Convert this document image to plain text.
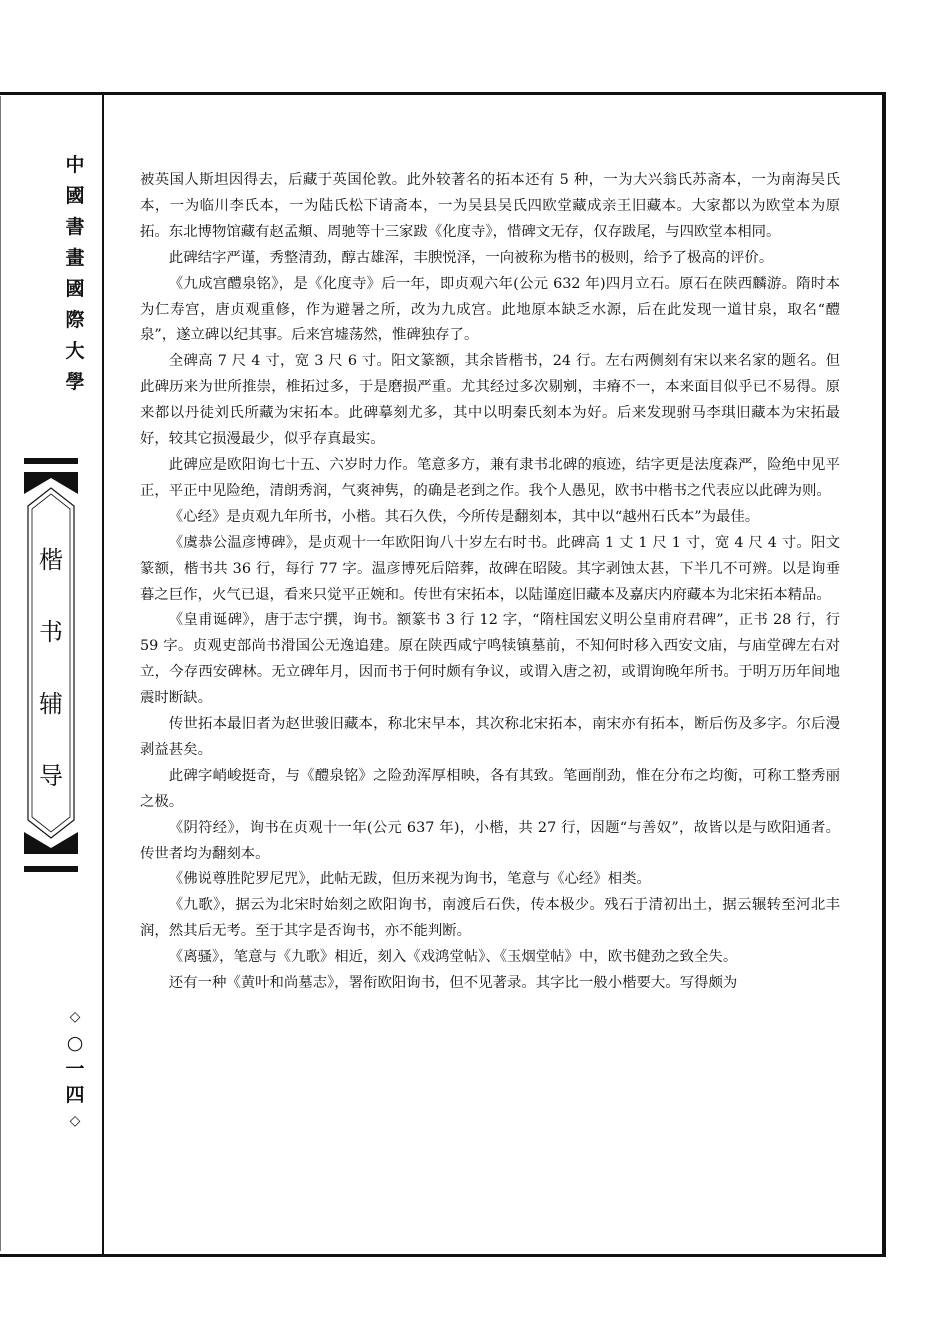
中
國
書
畫
國
際
大
學
楷
书
辅
导
◇
○
一
四
◇

被英国人斯坦因得去，后藏于英国伦敦。此外较著名的拓本还有 5 种，一为大兴翁氏苏斋本，一为南海吴氏本，一为临川李氏本，一为陆氏松下请斋本，一为吴县吴氏四欧堂藏成亲王旧藏本。大家都以为欧堂本为原拓。东北博物馆藏有赵孟頫、周驰等十三家跋《化度寺》，惜碑文无存，仅存跋尾，与四欧堂本相同。

此碑结字严谨，秀整清劲，醇古雄浑，丰腴悦泽，一向被称为楷书的极则，给予了极高的评价。

《九成宫醴泉铭》，是《化度寺》后一年，即贞观六年(公元 632 年)四月立石。原石在陕西麟游。隋时本为仁寿宫，唐贞观重修，作为避暑之所，改为九成宫。此地原本缺乏水源，后在此发现一道甘泉，取名“醴泉”，遂立碑以纪其事。后来宫墟荡然，惟碑独存了。

全碑高 7 尺 4 寸，宽 3 尺 6 寸。阳文篆额，其余皆楷书，24 行。左右两侧刻有宋以来名家的题名。但此碑历来为世所推崇，椎拓过多，于是磨损严重。尤其经过多次剔剜，丰瘠不一，本来面目似乎已不易得。原来都以丹徒刘氏所藏为宋拓本。此碑摹刻尤多，其中以明秦氏刻本为好。后来发现驸马李琪旧藏本为宋拓最好，较其它损漫最少，似乎存真最实。

此碑应是欧阳询七十五、六岁时力作。笔意多方，兼有隶书北碑的痕迹，结字更是法度森严，险绝中见平正，平正中见险绝，清朗秀润，气爽神隽，的确是老到之作。我个人愚见，欧书中楷书之代表应以此碑为则。

《心经》是贞观九年所书，小楷。其石久佚，今所传是翻刻本，其中以“越州石氏本”为最佳。

《虞恭公温彦博碑》，是贞观十一年欧阳询八十岁左右时书。此碑高 1 丈 1 尺 1 寸，宽 4 尺 4 寸。阳文篆额，楷书共 36 行，每行 77 字。温彦博死后陪葬，故碑在昭陵。其字剥蚀太甚，下半几不可辨。以是询垂暮之巨作，火气已退，看来只觉平正婉和。传世有宋拓本，以陆谨庭旧藏本及嘉庆内府藏本为北宋拓本精品。

《皇甫诞碑》，唐于志宁撰，询书。额篆书 3 行 12 字，“隋柱国宏义明公皇甫府君碑”，正书 28 行，行 59 字。贞观吏部尚书滑国公无逸追建。原在陕西咸宁鸣犊镇墓前，不知何时移入西安文庙，与庙堂碑左右对立，今存西安碑林。无立碑年月，因而书于何时颇有争议，或谓入唐之初，或谓询晚年所书。于明万历年间地震时断缺。

传世拓本最旧者为赵世骏旧藏本，称北宋早本，其次称北宋拓本，南宋亦有拓本，断后伤及多字。尔后漫剥益甚矣。

此碑字峭峻挺奇，与《醴泉铭》之险劲浑厚相映，各有其致。笔画削劲，惟在分布之均衡，可称工整秀丽之极。

《阴符经》，询书在贞观十一年(公元 637 年)，小楷，共 27 行，因题“与善奴”，故皆以是与欧阳通者。传世者均为翻刻本。

《佛说尊胜陀罗尼咒》，此帖无跋，但历来视为询书，笔意与《心经》相类。

《九歌》，据云为北宋时始刻之欧阳询书，南渡后石佚，传本极少。残石于清初出土，据云辗转至河北丰润，然其后无考。至于其字是否询书，亦不能判断。

《离骚》，笔意与《九歌》相近，刻入《戏鸿堂帖》、《玉烟堂帖》中，欧书健劲之致全失。

还有一种《黄叶和尚墓志》，署衔欧阳询书，但不见著录。其字比一般小楷要大。写得颇为
